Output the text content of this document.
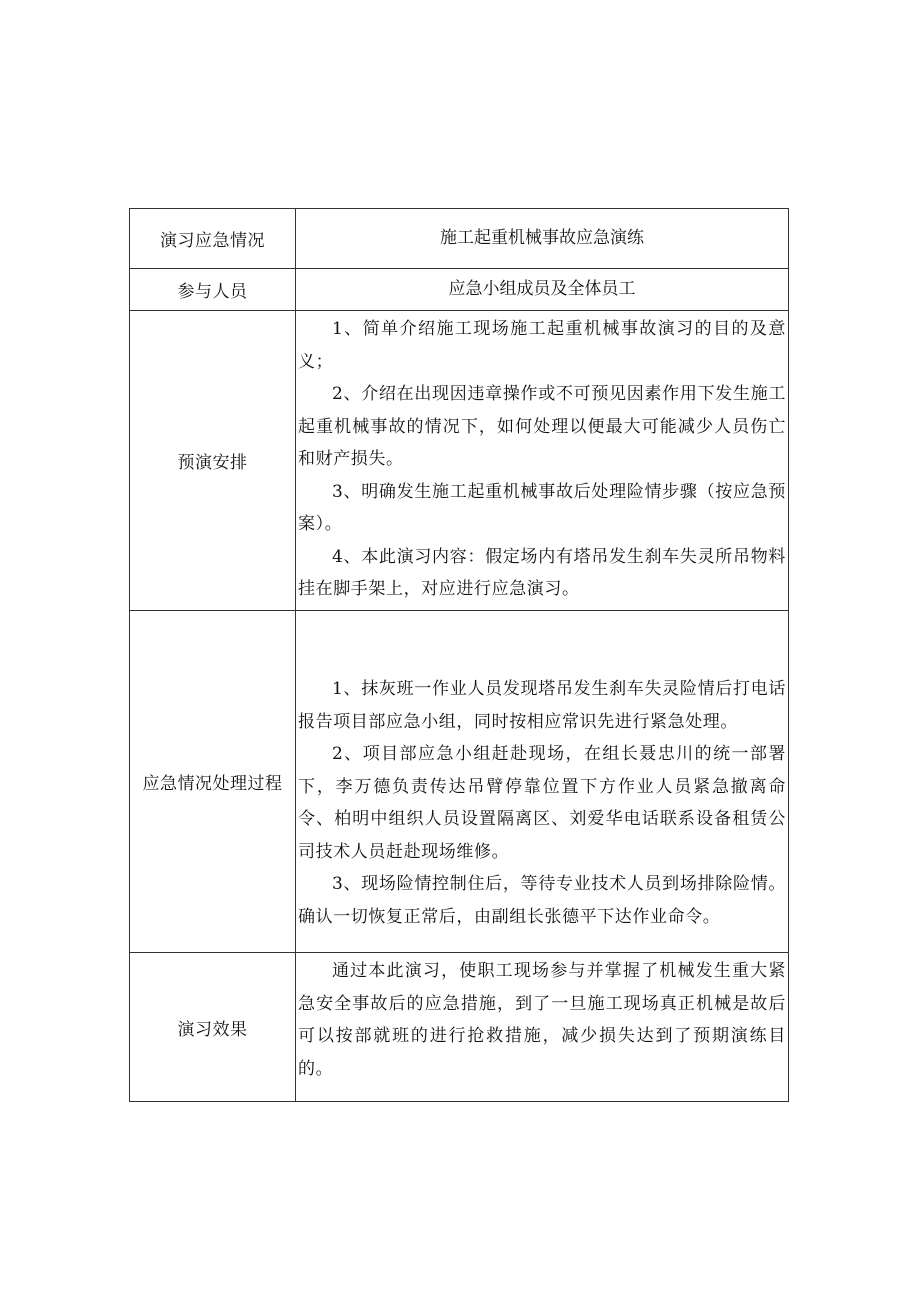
演习应急情况	施工起重机械事故应急演练
参与人员	应急小组成员及全体员工
预演安排

1、简单介绍施工现场施工起重机械事故演习的目的及意义；

2、介绍在出现因违章操作或不可预见因素作用下发生施工起重机械事故的情况下，如何处理以便最大可能减少人员伤亡和财产损失。

3、明确发生施工起重机械事故后处理险情步骤（按应急预案）。

4、本此演习内容：假定场内有塔吊发生刹车失灵所吊物料挂在脚手架上，对应进行应急演习。

应急情况处理过程

1、抹灰班一作业人员发现塔吊发生刹车失灵险情后打电话报告项目部应急小组，同时按相应常识先进行紧急处理。

2、项目部应急小组赶赴现场，在组长聂忠川的统一部署下，李万德负责传达吊臂停靠位置下方作业人员紧急撤离命令、柏明中组织人员设置隔离区、刘爱华电话联系设备租赁公司技术人员赶赴现场维修。

3、现场险情控制住后，等待专业技术人员到场排除险情。确认一切恢复正常后，由副组长张德平下达作业命令。

演习效果

通过本此演习，使职工现场参与并掌握了机械发生重大紧急安全事故后的应急措施，到了一旦施工现场真正机械是故后可以按部就班的进行抢救措施，减少损失达到了预期演练目的。
